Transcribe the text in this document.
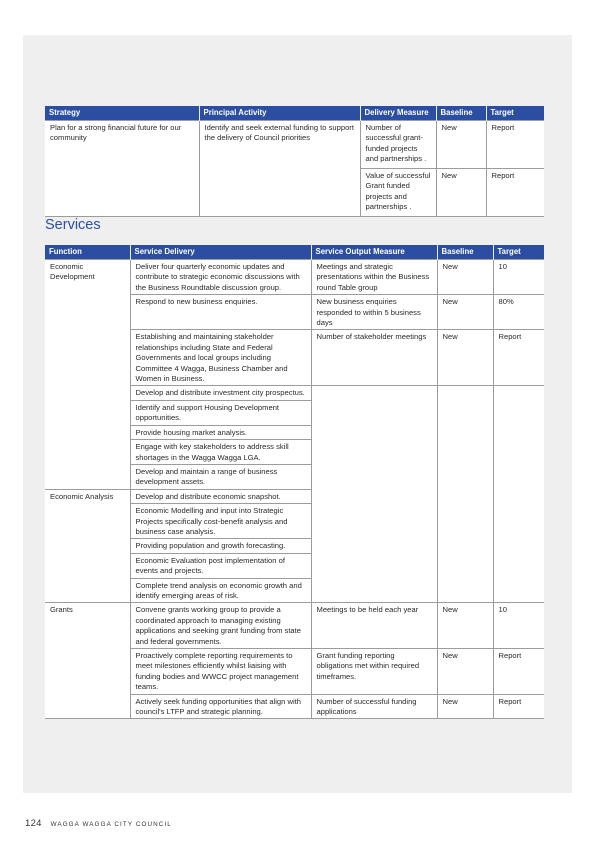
Strategy	Principal Activity	Delivery Measure	Baseline	Target
Plan for a strong financial future for our community	Identify and seek external funding to support the delivery of Council priorities	Number of successful grant-funded projects and partnerships .	New	Report
		Value of successful Grant funded projects and partnerships .	New	Report
Services
Function	Service Delivery	Service Output Measure	Baseline	Target
Economic Development	Deliver four quarterly economic updates and contribute to strategic economic discussions with the Business Roundtable discussion group.	Meetings and strategic presentations within the Business round Table group	New	10
	Respond to new business enquiries.	New business enquiries responded to within 5 business days	New	80%
	Establishing and maintaining stakeholder relationships including State and Federal Governments and local groups including Committee 4 Wagga, Business Chamber and Women in Business.	Number of stakeholder meetings	New	Report
	Develop and distribute investment city prospectus.			
	Identify and support Housing Development opportunities.			
	Provide housing market analysis.			
	Engage with key stakeholders to address skill shortages in the Wagga Wagga LGA.			
	Develop and maintain a range of business development assets.			
Economic Analysis	Develop and distribute economic snapshot.			
	Economic Modelling and input into Strategic Projects specifically cost-benefit analysis and business case analysis.			
	Providing population and growth forecasting.			
	Economic Evaluation post implementation of events and projects.			
	Complete trend analysis on economic growth and identify emerging areas of risk.			
Grants	Convene grants working group to provide a coordinated approach to managing existing applications and seeking grant funding from state and federal governments.	Meetings to be held each year	New	10
	Proactively complete reporting requirements to meet milestones efficiently whilst liaising with funding bodies and WWCC project management teams.	Grant funding reporting obligations met within required timeframes.	New	Report
	Actively seek funding opportunities that align with council's LTFP and strategic planning.	Number of successful funding applications	New	Report
124 WAGGA WAGGA CITY COUNCIL
